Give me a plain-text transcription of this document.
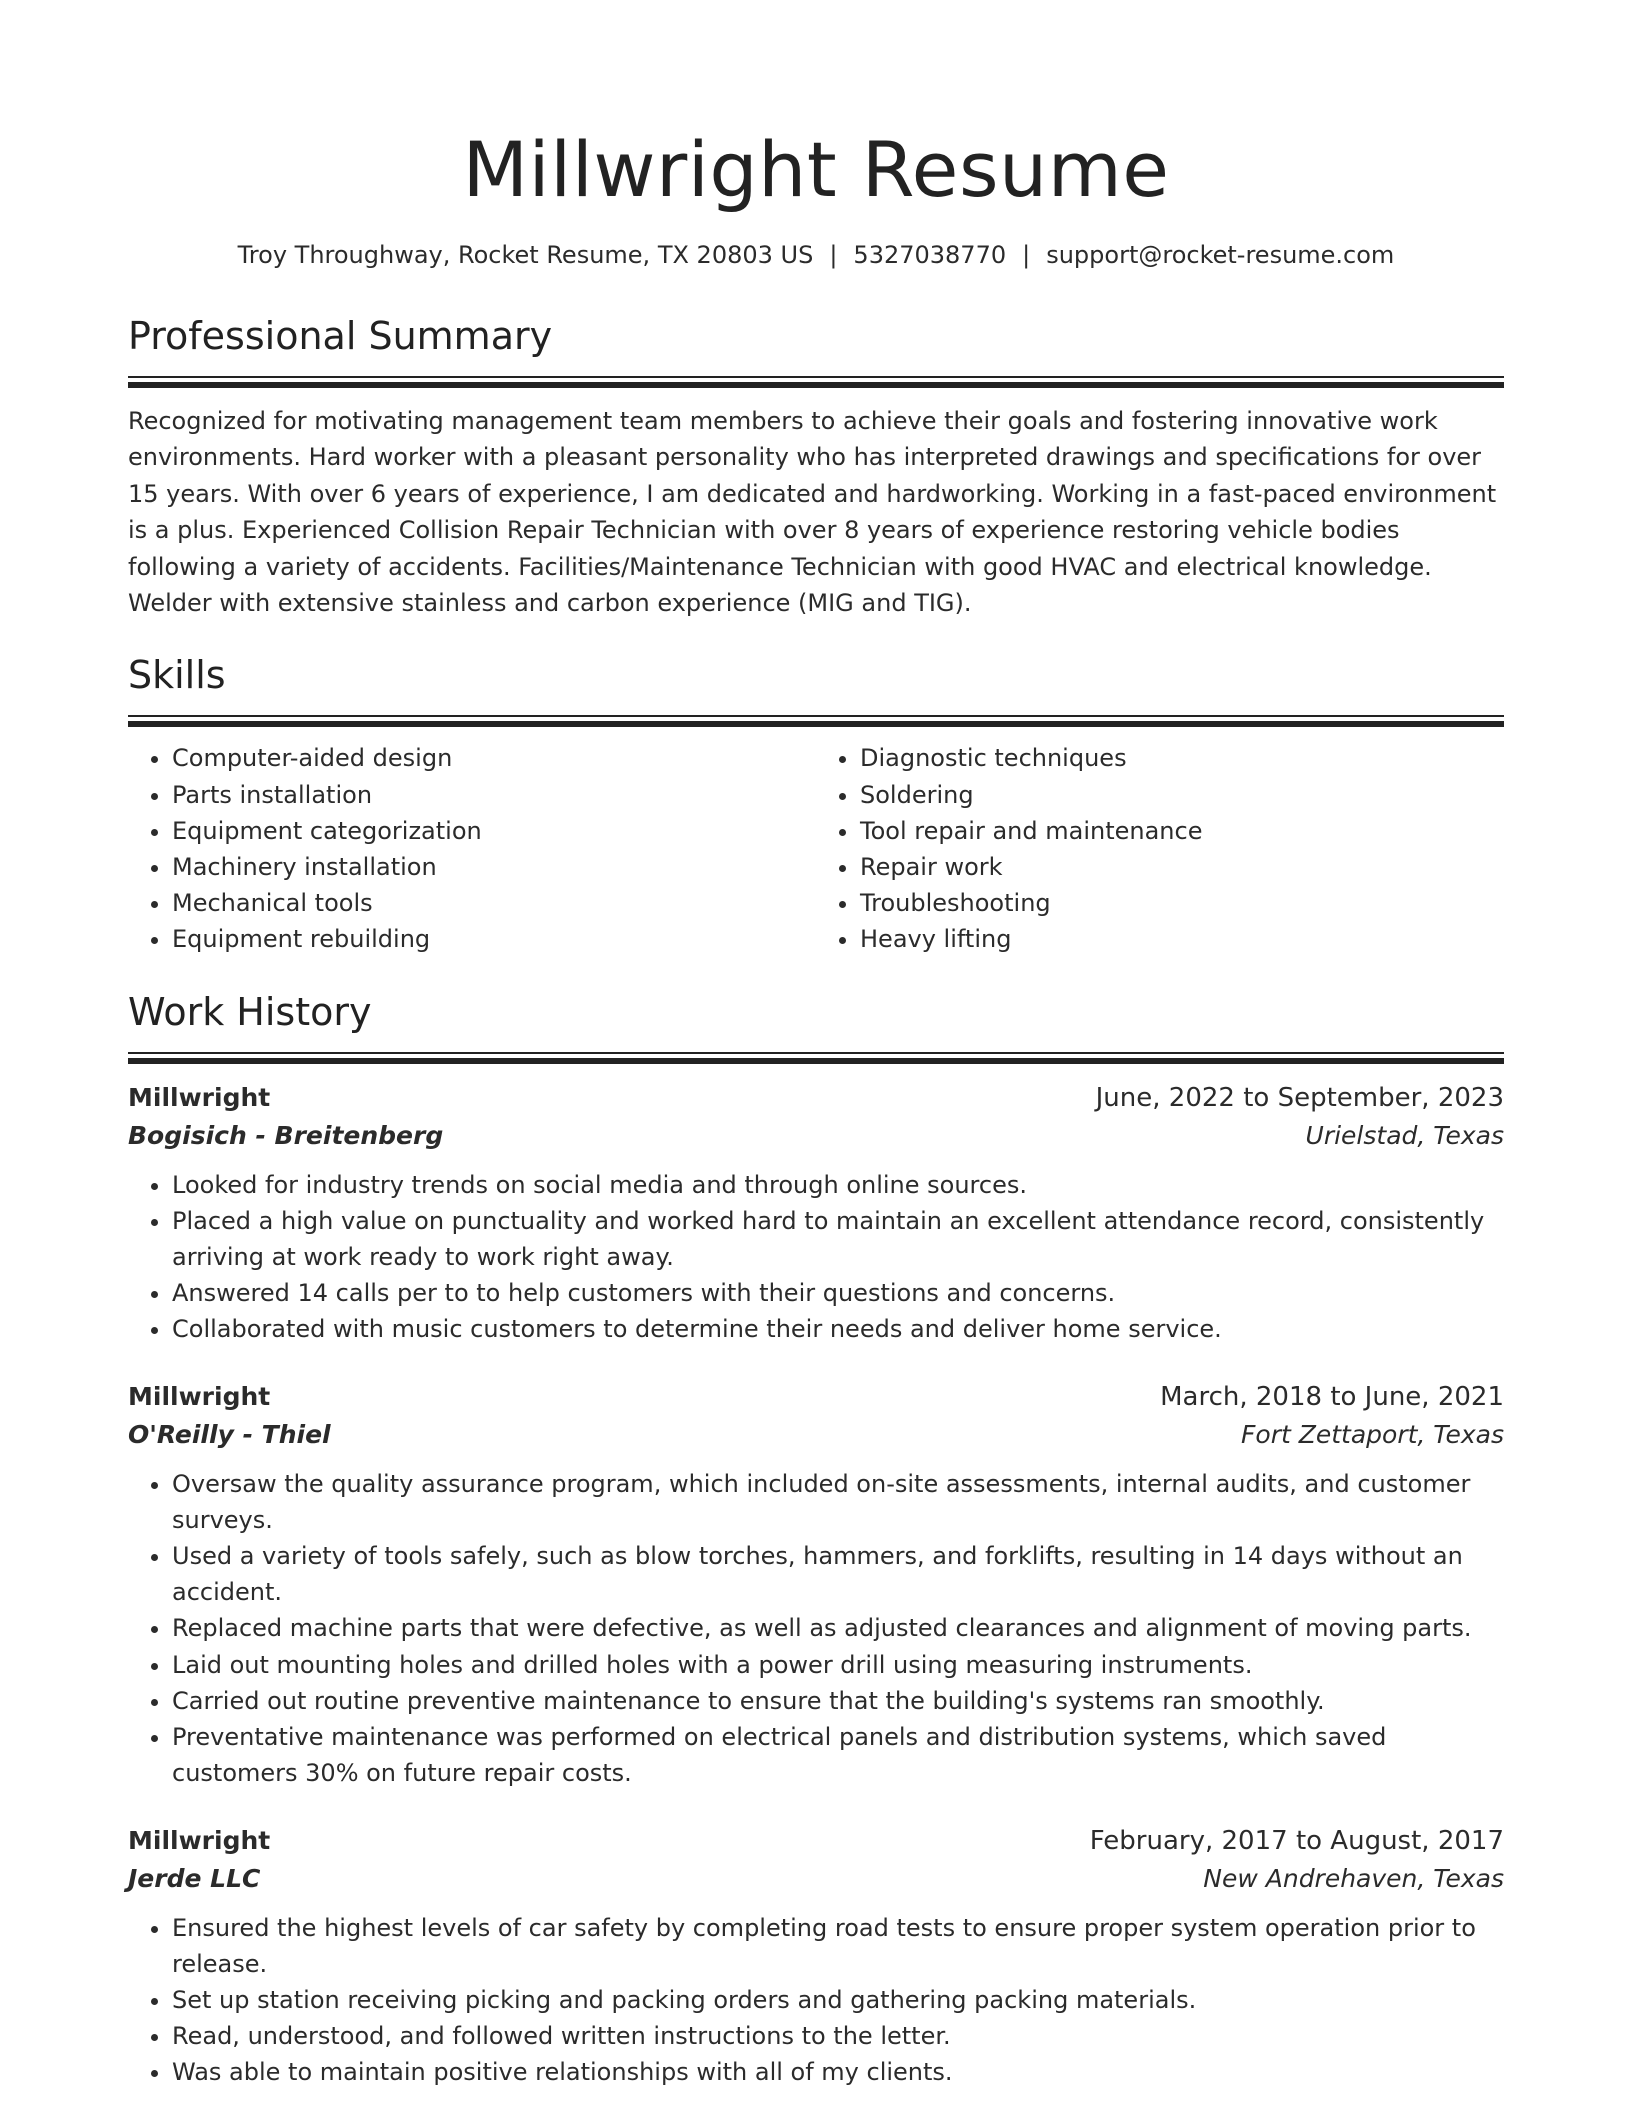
Millwright Resume
Troy Throughway, Rocket Resume, TX 20803 US | 5327038770 | support@rocket-resume.com
Professional Summary

Recognized for motivating management team members to achieve their goals and fostering innovative work environments. Hard worker with a pleasant personality who has interpreted drawings and specifications for over 15 years. With over 6 years of experience, I am dedicated and hardworking. Working in a fast-paced environment is a plus. Experienced Collision Repair Technician with over 8 years of experience restoring vehicle bodies following a variety of accidents. Facilities/Maintenance Technician with good HVAC and electrical knowledge. Welder with extensive stainless and carbon experience (MIG and TIG).

Skills
• Computer-aided design
• Parts installation
• Equipment categorization
• Machinery installation
• Mechanical tools
• Equipment rebuilding
• Diagnostic techniques
• Soldering
• Tool repair and maintenance
• Repair work
• Troubleshooting
• Heavy lifting
Work History
Millwright	June, 2022 to September, 2023
Bogisich - Breitenberg	Urielstad, Texas
• Looked for industry trends on social media and through online sources.
• Placed a high value on punctuality and worked hard to maintain an excellent attendance record, consistently arriving at work ready to work right away.
• Answered 14 calls per to to help customers with their questions and concerns.
• Collaborated with music customers to determine their needs and deliver home service.
Millwright	March, 2018 to June, 2021
O'Reilly - Thiel	Fort Zettaport, Texas
• Oversaw the quality assurance program, which included on-site assessments, internal audits, and customer surveys.
• Used a variety of tools safely, such as blow torches, hammers, and forklifts, resulting in 14 days without an accident.
• Replaced machine parts that were defective, as well as adjusted clearances and alignment of moving parts.
• Laid out mounting holes and drilled holes with a power drill using measuring instruments.
• Carried out routine preventive maintenance to ensure that the building's systems ran smoothly.
• Preventative maintenance was performed on electrical panels and distribution systems, which saved customers 30% on future repair costs.
Millwright	February, 2017 to August, 2017
Jerde LLC	New Andrehaven, Texas
• Ensured the highest levels of car safety by completing road tests to ensure proper system operation prior to release.
• Set up station receiving picking and packing orders and gathering packing materials.
• Read, understood, and followed written instructions to the letter.
• Was able to maintain positive relationships with all of my clients.
